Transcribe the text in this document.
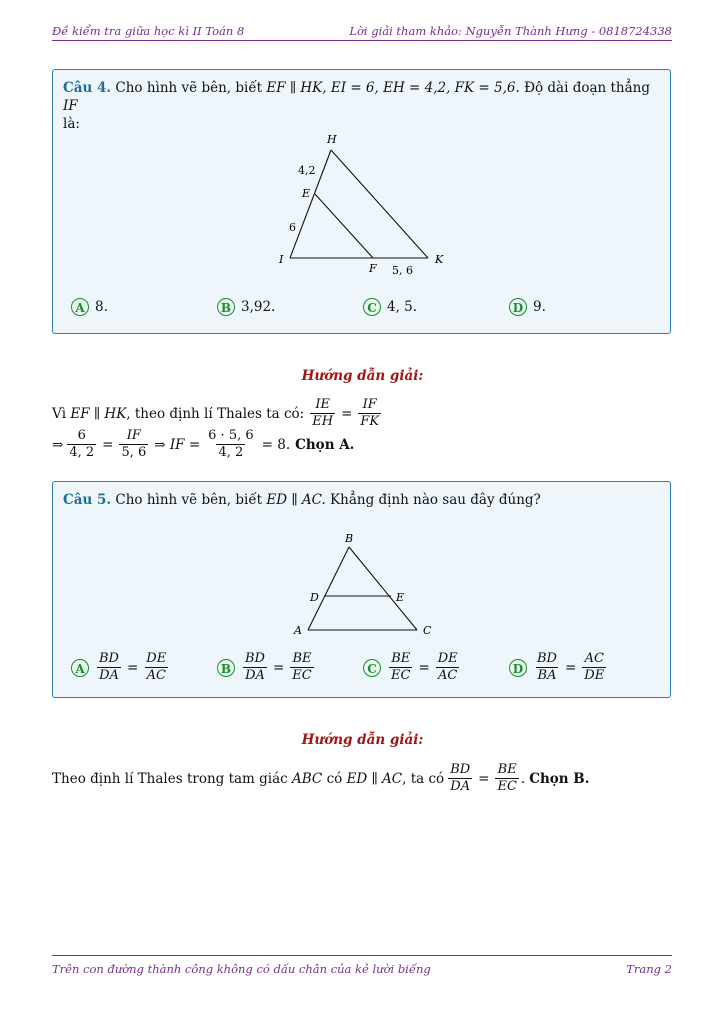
Đề kiểm tra giữa học kì II Toán 8	Lời giải tham khảo: Nguyễn Thành Hưng - 0818724338
Câu 4. Cho hình vẽ bên, biết EF ∥ HK, EI = 6, EH = 4,2, FK = 5,6. Độ dài đoạn thẳng IF
là:
H
E
I
F
K
4,2
6
5, 6
A 8.	B 3,92.	C 4, 5.	D 9.
Hướng dẫn giải:
Vì
EF ∥ HK , theo định lí Thales ta có: $\frac{IE}{EH} = \frac{IF}{FK}$
⇒ $\frac{6}{4, 2} = \frac{IF}{5, 6}$ ⇒ IF = $\frac{6 \cdot 5, 6}{4, 2} = 8$. Chọn A.
Câu 5. Cho hình vẽ bên, biết ED ∥ AC. Khẳng định nào sau đây đúng?
B
D	E
A	C
A $\frac{BD}{DA} = \frac{DE}{AC}$	B $\frac{BD}{DA} = \frac{BE}{EC}$	C $\frac{BE}{EC} = \frac{DE}{AC}$	D $\frac{BD}{BA} = \frac{AC}{DE}$
Hướng dẫn giải:
Theo định lí Thales trong tam giác
ABC
có
ED ∥ AC , ta có $\frac{BD}{DA} = \frac{BE}{EC}$ . Chọn B.
Trên con đường thành công không có dấu chân của kẻ lười biếng	Trang 2
